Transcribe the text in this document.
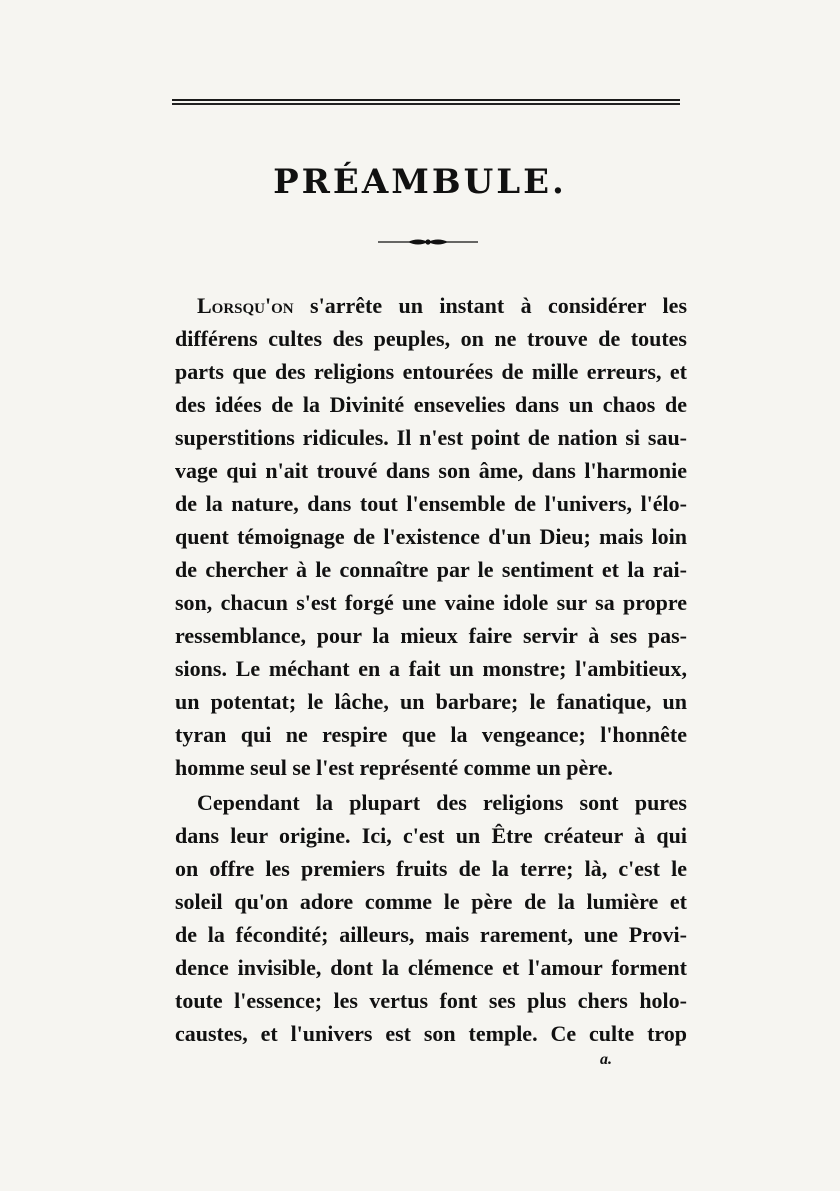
PRÉAMBULE.
Lorsqu'on s'arrête un instant à considérer les
différens cultes des peuples, on ne trouve de toutes
parts que des religions entourées de mille erreurs, et
des idées de la Divinité ensevelies dans un chaos de
superstitions ridicules. Il n'est point de nation si sau-
vage qui n'ait trouvé dans son âme, dans l'harmonie
de la nature, dans tout l'ensemble de l'univers, l'élo-
quent témoignage de l'existence d'un Dieu; mais loin
de chercher à le connaître par le sentiment et la rai-
son, chacun s'est forgé une vaine idole sur sa propre
ressemblance, pour la mieux faire servir à ses pas-
sions. Le méchant en a fait un monstre; l'ambitieux,
un potentat; le lâche, un barbare; le fanatique, un
tyran qui ne respire que la vengeance; l'honnête
homme seul se l'est représenté comme un père.
Cependant la plupart des religions sont pures
dans leur origine. Ici, c'est un Être créateur à qui
on offre les premiers fruits de la terre; là, c'est le
soleil qu'on adore comme le père de la lumière et
de la fécondité; ailleurs, mais rarement, une Provi-
dence invisible, dont la clémence et l'amour forment
toute l'essence; les vertus font ses plus chers holo-
caustes, et l'univers est son temple. Ce culte trop
a.
